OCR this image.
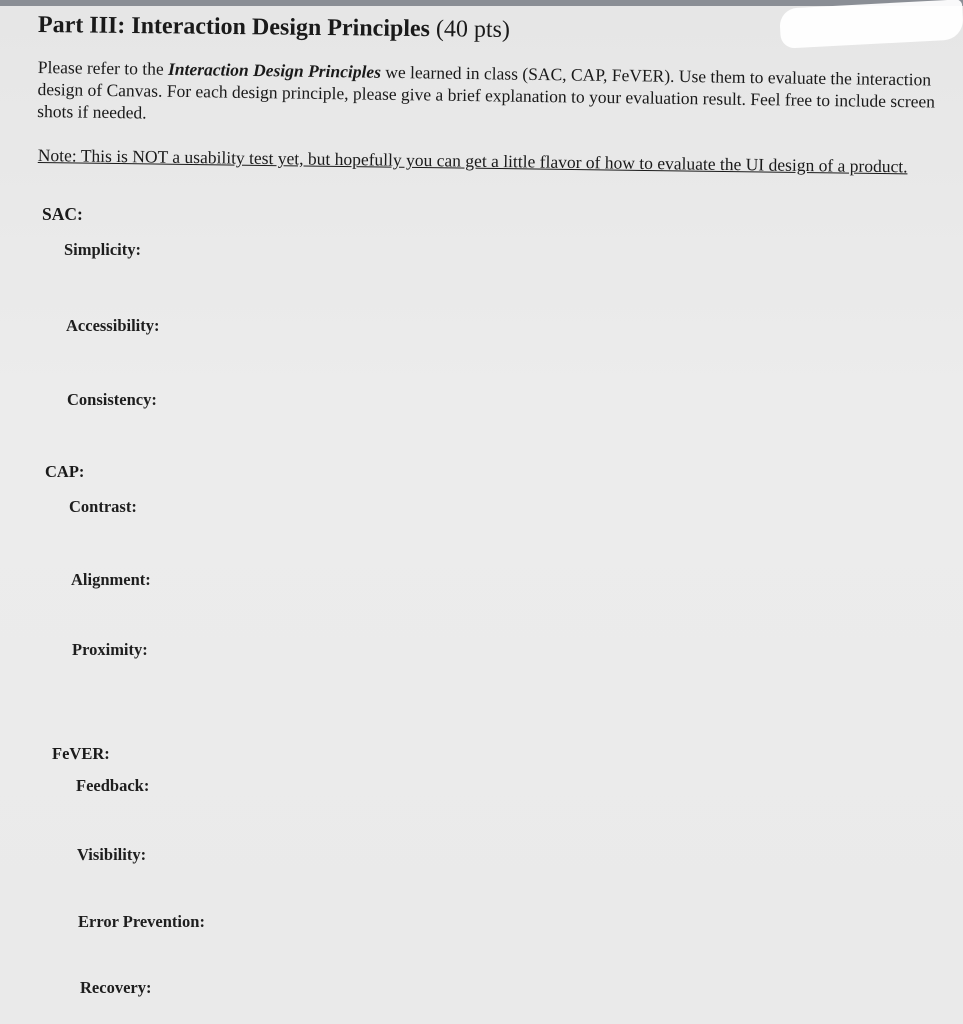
Part III: Interaction Design Principles (40 pts)

Please refer to the Interaction Design Principles we learned in class (SAC, CAP, FeVER). Use them to evaluate the interaction design of Canvas. For each design principle, please give a brief explanation to your evaluation result. Feel free to include screen shots if needed.

Note: This is NOT a usability test yet, but hopefully you can get a little flavor of how to evaluate the UI design of a product.

SAC:

Simplicity:

Accessibility:

Consistency:

CAP:

Contrast:

Alignment:

Proximity:

FeVER:

Feedback:

Visibility:

Error Prevention:

Recovery:
